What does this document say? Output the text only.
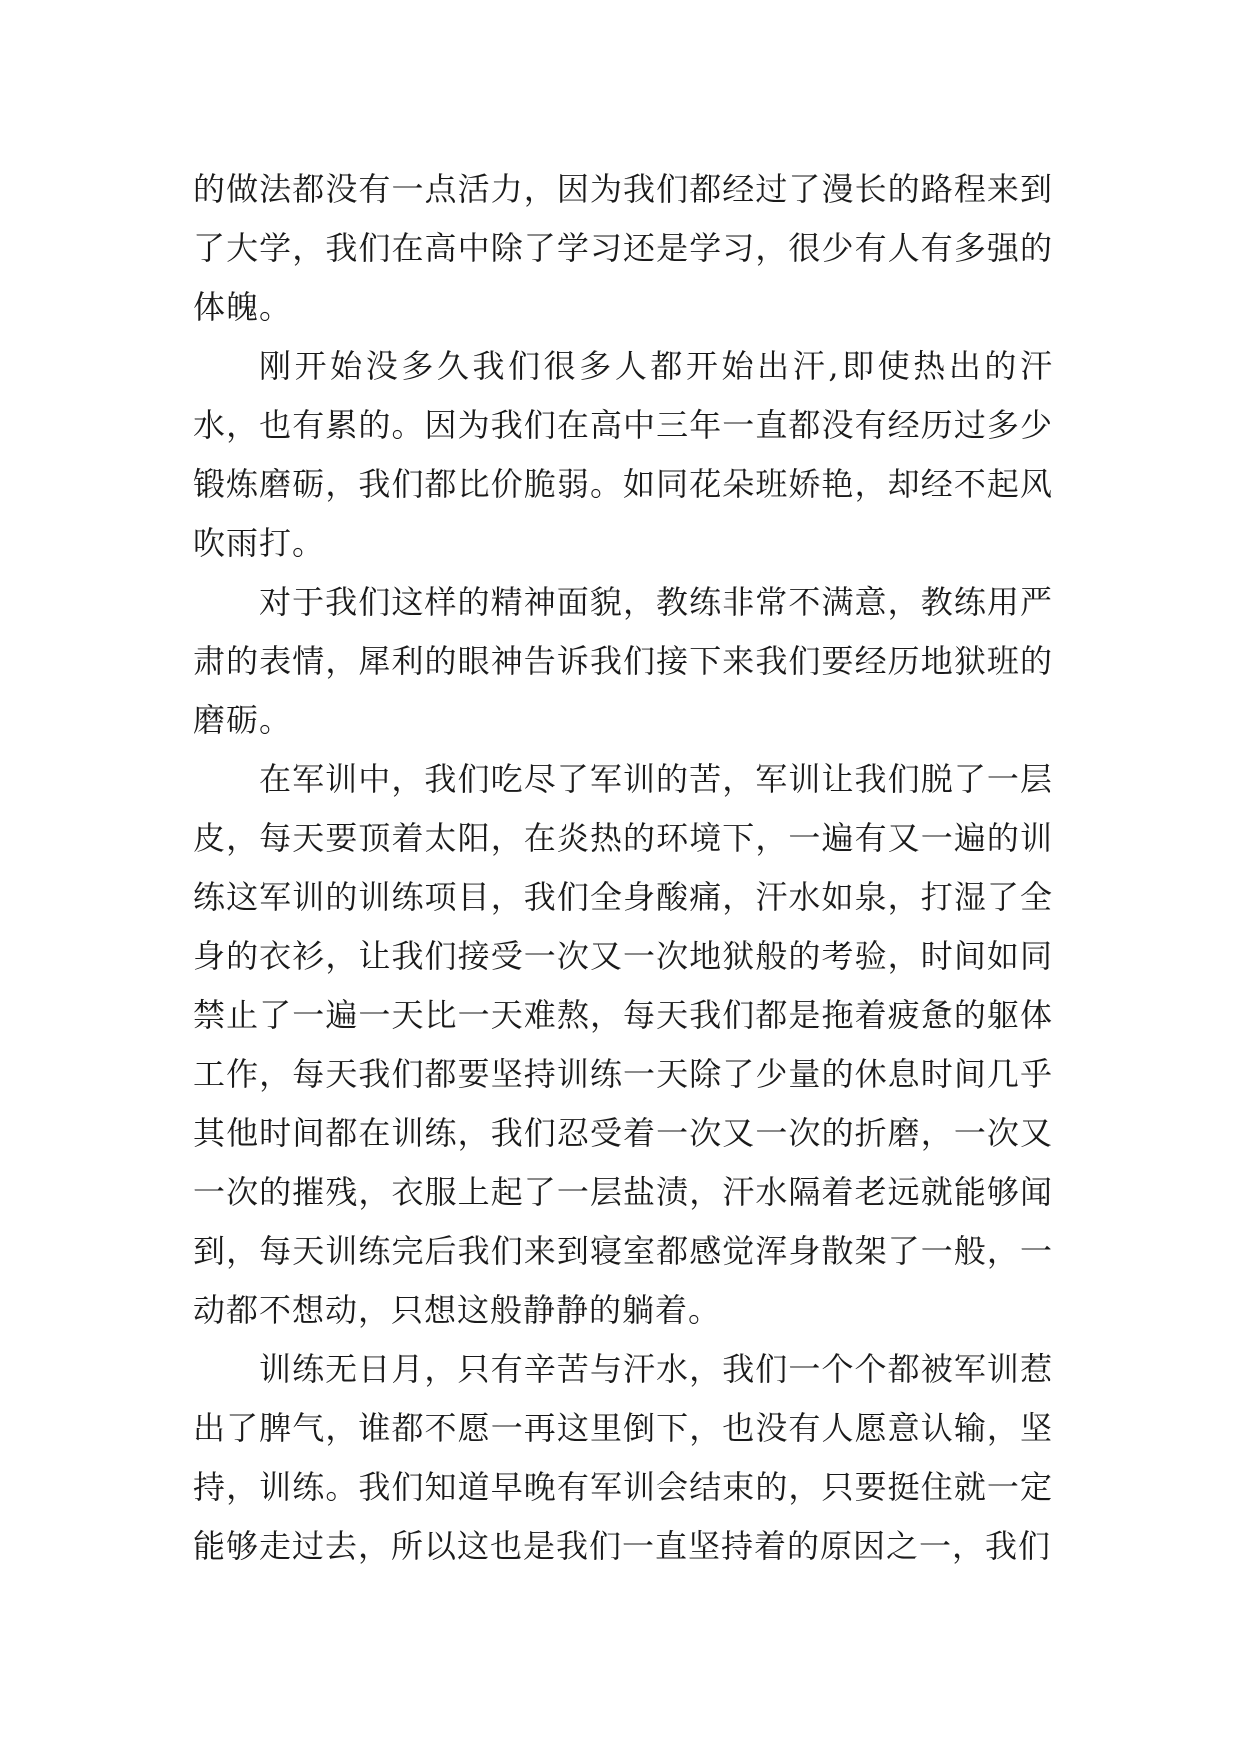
的做法都没有一点活力，因为我们都经过了漫长的路程来到了大学，我们在高中除了学习还是学习，很少有人有多强的体魄。

刚开始没多久我们很多人都开始出汗,即使热出的汗水，也有累的。因为我们在高中三年一直都没有经历过多少锻炼磨砺，我们都比价脆弱。如同花朵班娇艳，却经不起风吹雨打。

对于我们这样的精神面貌，教练非常不满意，教练用严肃的表情，犀利的眼神告诉我们接下来我们要经历地狱班的磨砺。

在军训中，我们吃尽了军训的苦，军训让我们脱了一层皮，每天要顶着太阳，在炎热的环境下，一遍有又一遍的训练这军训的训练项目，我们全身酸痛，汗水如泉，打湿了全身的衣衫，让我们接受一次又一次地狱般的考验，时间如同禁止了一遍一天比一天难熬，每天我们都是拖着疲惫的躯体工作，每天我们都要坚持训练一天除了少量的休息时间几乎其他时间都在训练，我们忍受着一次又一次的折磨，一次又一次的摧残，衣服上起了一层盐渍，汗水隔着老远就能够闻到，每天训练完后我们来到寝室都感觉浑身散架了一般，一动都不想动，只想这般静静的躺着。

训练无日月，只有辛苦与汗水，我们一个个都被军训惹出了脾气，谁都不愿一再这里倒下，也没有人愿意认输，坚持，训练。我们知道早晚有军训会结束的，只要挺住就一定能够走过去，所以这也是我们一直坚持着的原因之一，我们
